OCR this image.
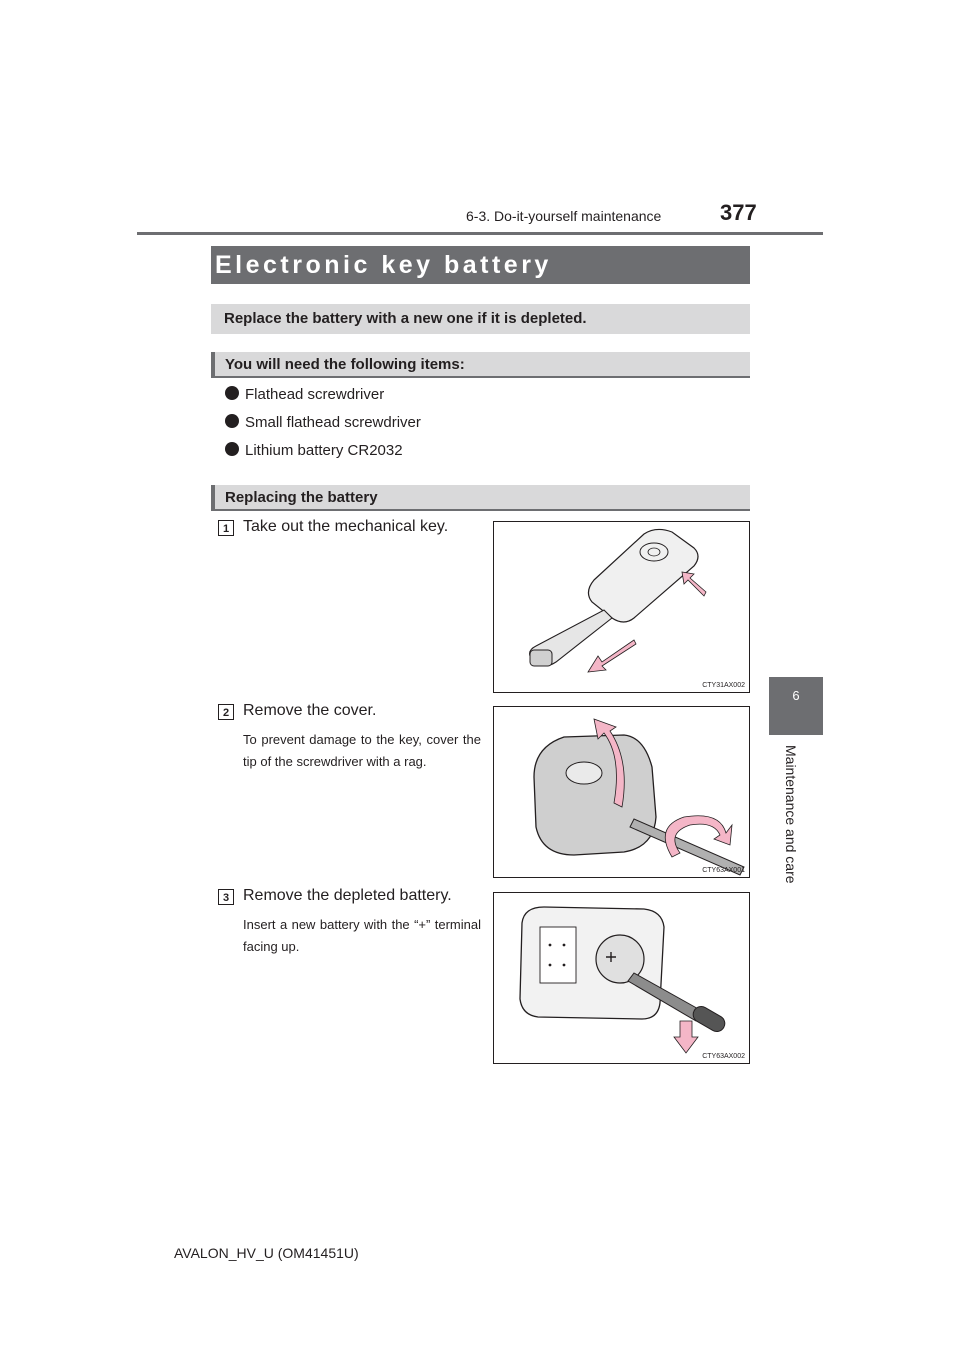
6-3. Do-it-yourself maintenance	377
6
Maintenance and care
Electronic key battery
Replace the battery with a new one if it is depleted.
You will need the following items:
Flathead screwdriver
Small flathead screwdriver
Lithium battery CR2032
Replacing the battery
1 Take out the mechanical key.
CTY31AX002
2 Remove the cover.
To prevent damage to the key, cover the tip of the screwdriver with a rag.
CTY63AX001
3 Remove the depleted battery.
Insert a new battery with the “+” terminal facing up.
CTY63AX002
AVALON_HV_U (OM41451U)
